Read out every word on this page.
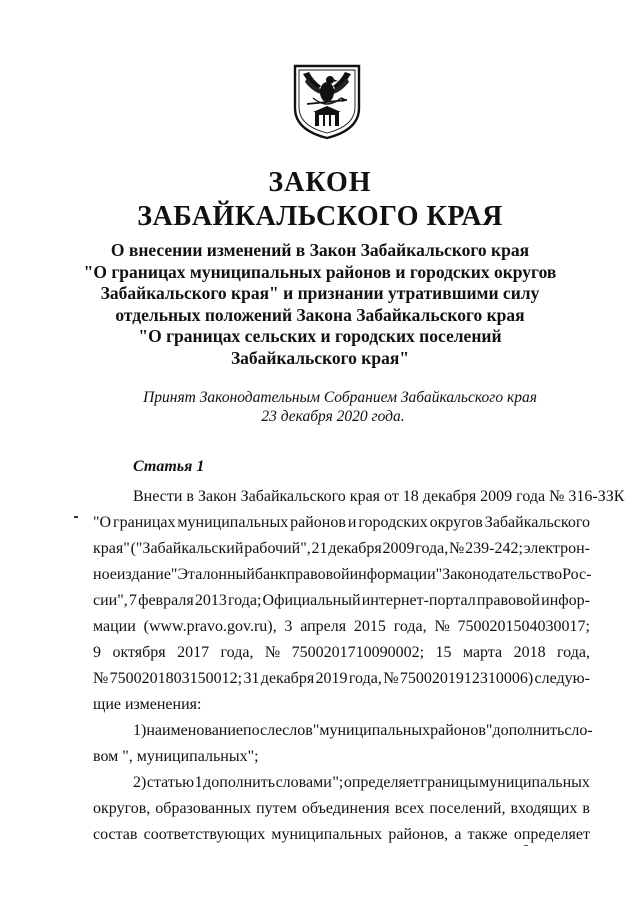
ЗАКОН
ЗАБАЙКАЛЬСКОГО КРАЯ
О внесении изменений в Закон Забайкальского края
"О границах муниципальных районов и городских округов
Забайкальского края" и признании утратившими силу
отдельных положений Закона Забайкальского края
"О границах сельских и городских поселений
Забайкальского края"
Принят Законодательным Собранием Забайкальского края
23 декабря 2020 года.
Статья 1
Внести в Закон Забайкальского края от 18 декабря 2009 года № 316-ЗЗК
"О границах муниципальных районов и городских округов Забайкальского
края" ("Забайкальский рабочий", 21 декабря 2009 года, № 239-242; электрон-
ное издание "Эталонный банк правовой информации "Законодательство Рос-
сии", 7 февраля 2013 года; Официальный интернет-портал правовой инфор-
мации (www.pravo.gov.ru), 3 апреля 2015 года, № 7500201504030017;
9 октября 2017 года, № 7500201710090002; 15 марта 2018 года,
№ 7500201803150012; 31 декабря 2019 года, № 7500201912310006) следую-
щие изменения:
1) наименование после слов "муниципальных районов" дополнить сло-
вом ", муниципальных";
2) статью 1 дополнить словами "; определяет границы муниципальных
округов, образованных путем объединения всех поселений, входящих в
состав соответствующих муниципальных районов, а также определяет
